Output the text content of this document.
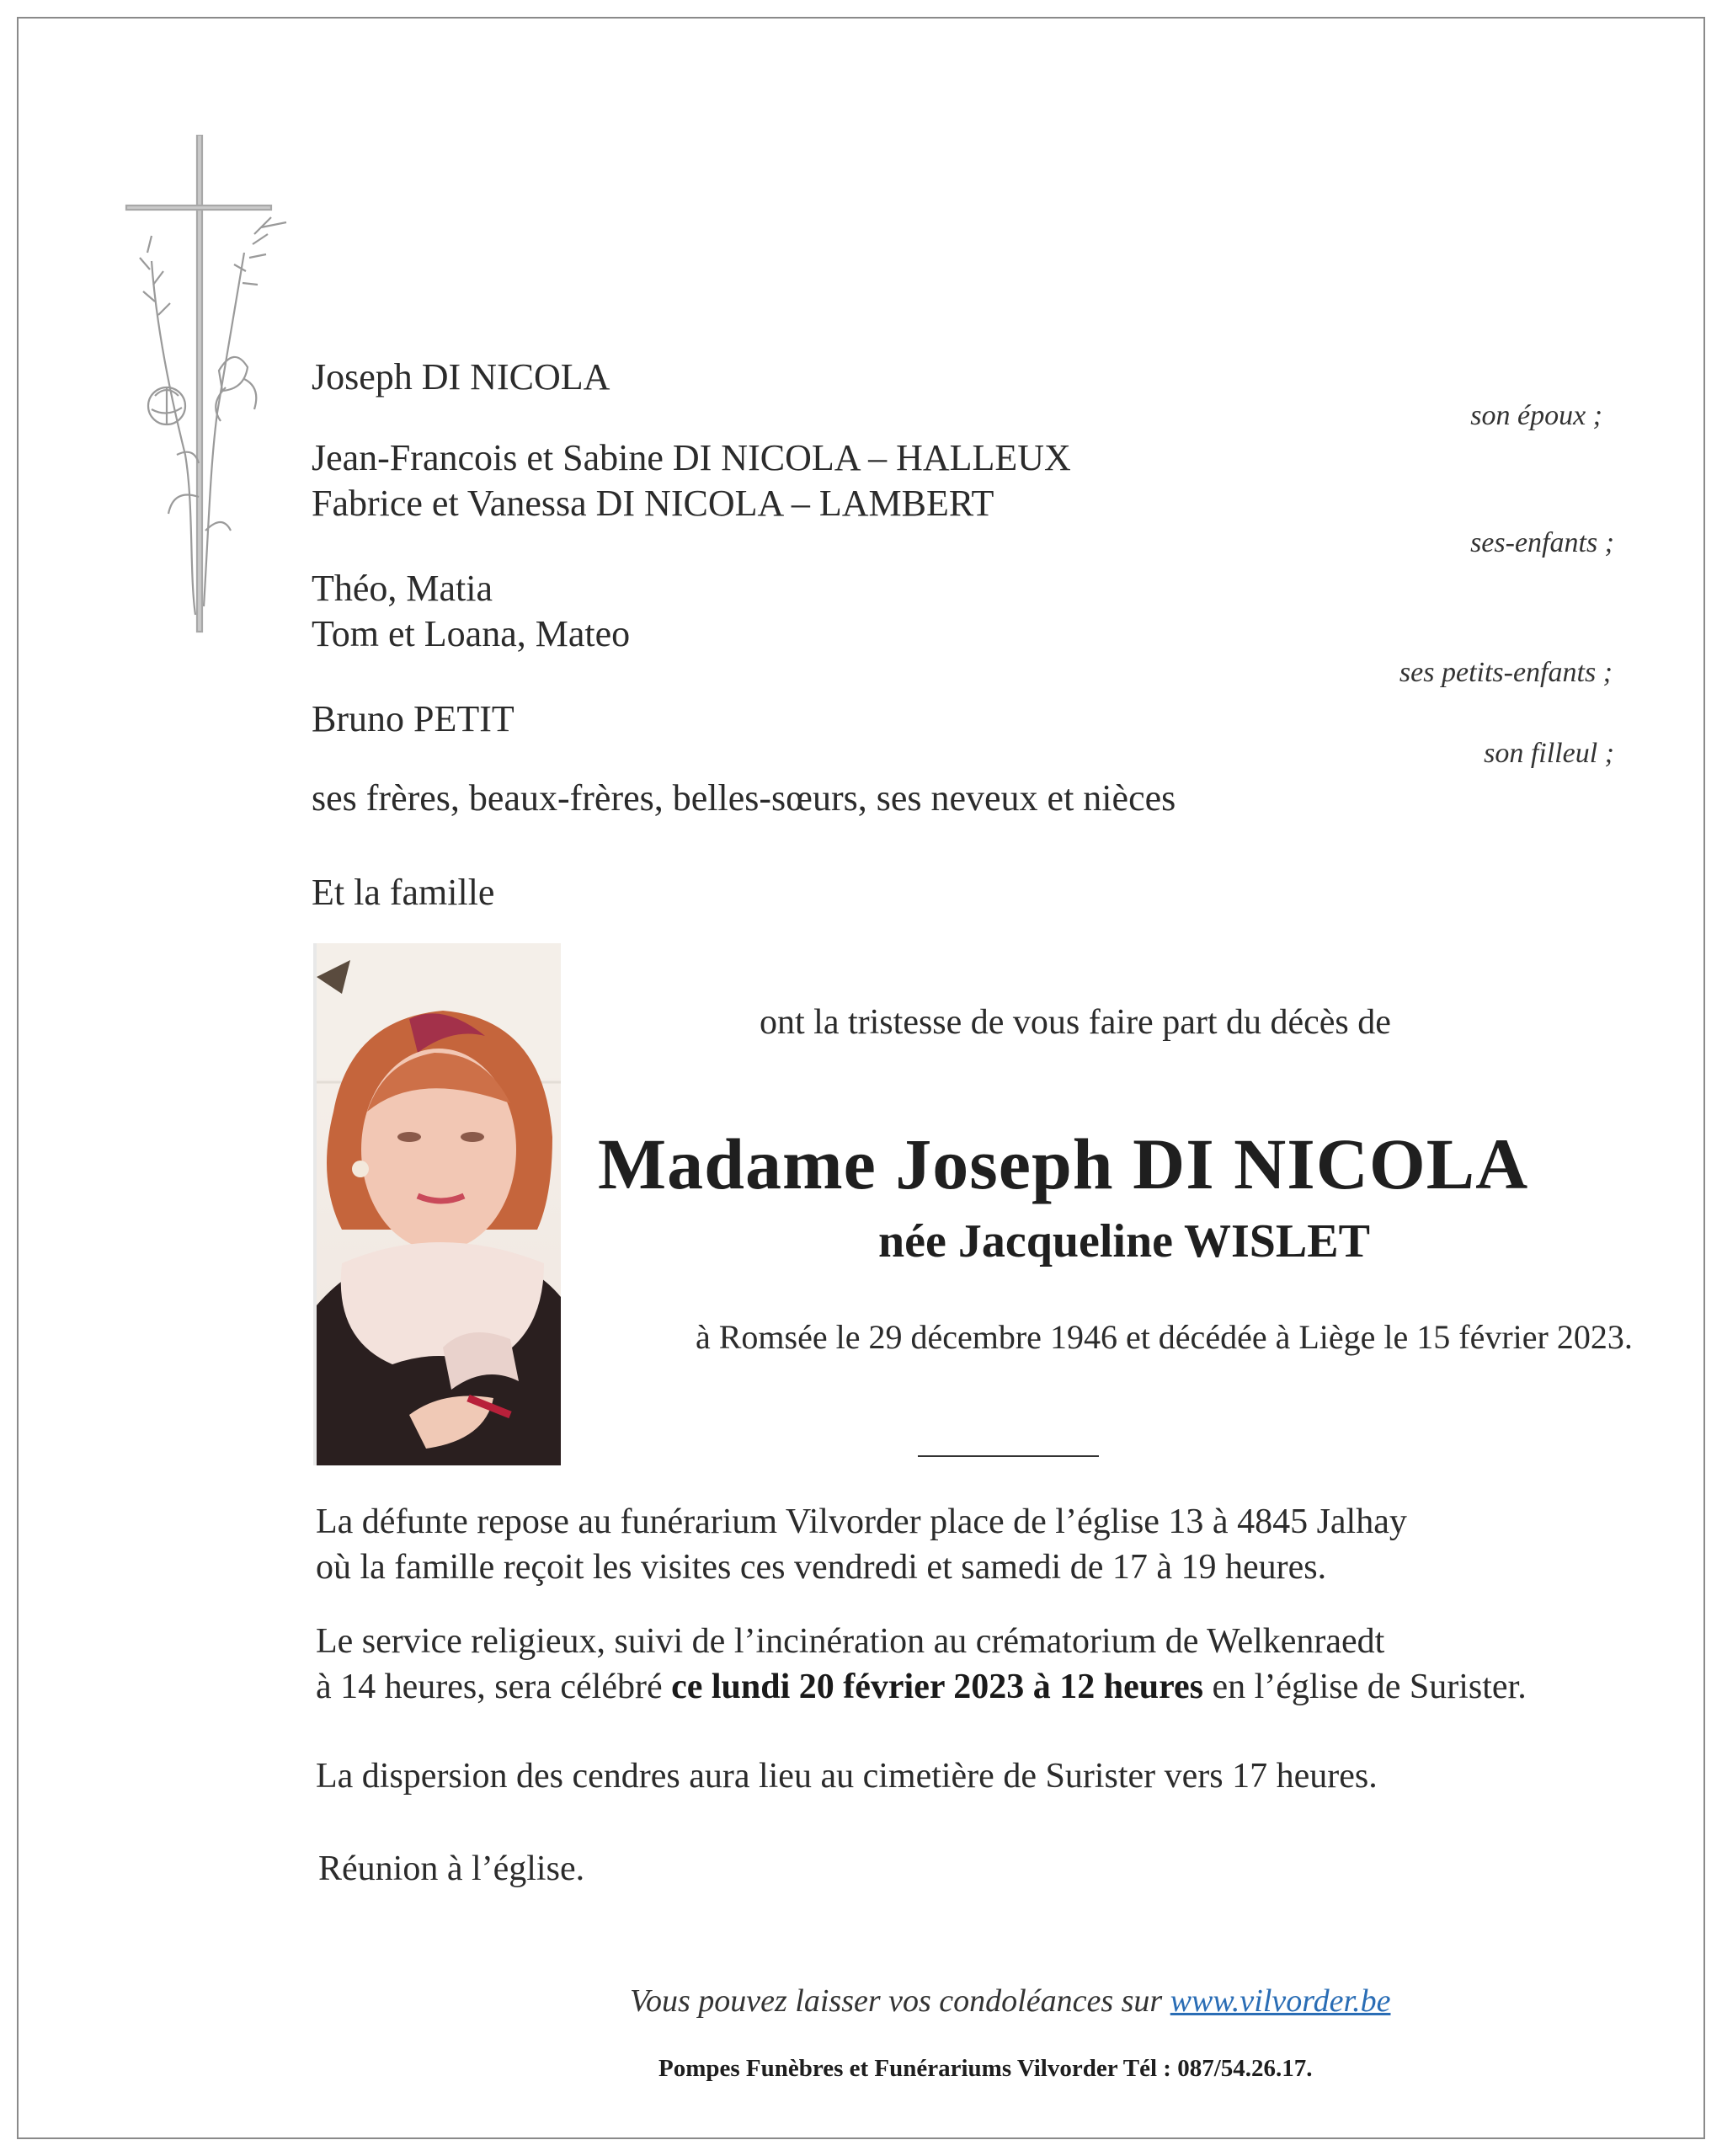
Joseph DI NICOLA
son époux ;
Jean-Francois et Sabine DI NICOLA – HALLEUX
Fabrice et Vanessa DI NICOLA – LAMBERT
ses-enfants ;
Théo, Matia
Tom et Loana, Mateo
ses petits-enfants ;
Bruno PETIT
son filleul ;
ses frères, beaux-frères, belles-sœurs, ses neveux et nièces
Et la famille
ont la tristesse de vous faire part du décès de
Madame Joseph DI NICOLA
née Jacqueline WISLET
à Romsée le 29 décembre 1946 et décédée à Liège le 15 février 2023.
La défunte repose au funérarium Vilvorder place de l’église 13 à 4845 Jalhay
où la famille reçoit les visites ces vendredi et samedi de 17 à 19 heures.
Le service religieux, suivi de l’incinération au crématorium de Welkenraedt
à 14 heures, sera célébré ce lundi 20 février 2023 à 12 heures en l’église de Surister.
La dispersion des cendres aura lieu au cimetière de Surister vers 17 heures.
Réunion à l’église.
Vous pouvez laisser vos condoléances sur www.vilvorder.be
Pompes Funèbres et Funérariums Vilvorder Tél : 087/54.26.17.
